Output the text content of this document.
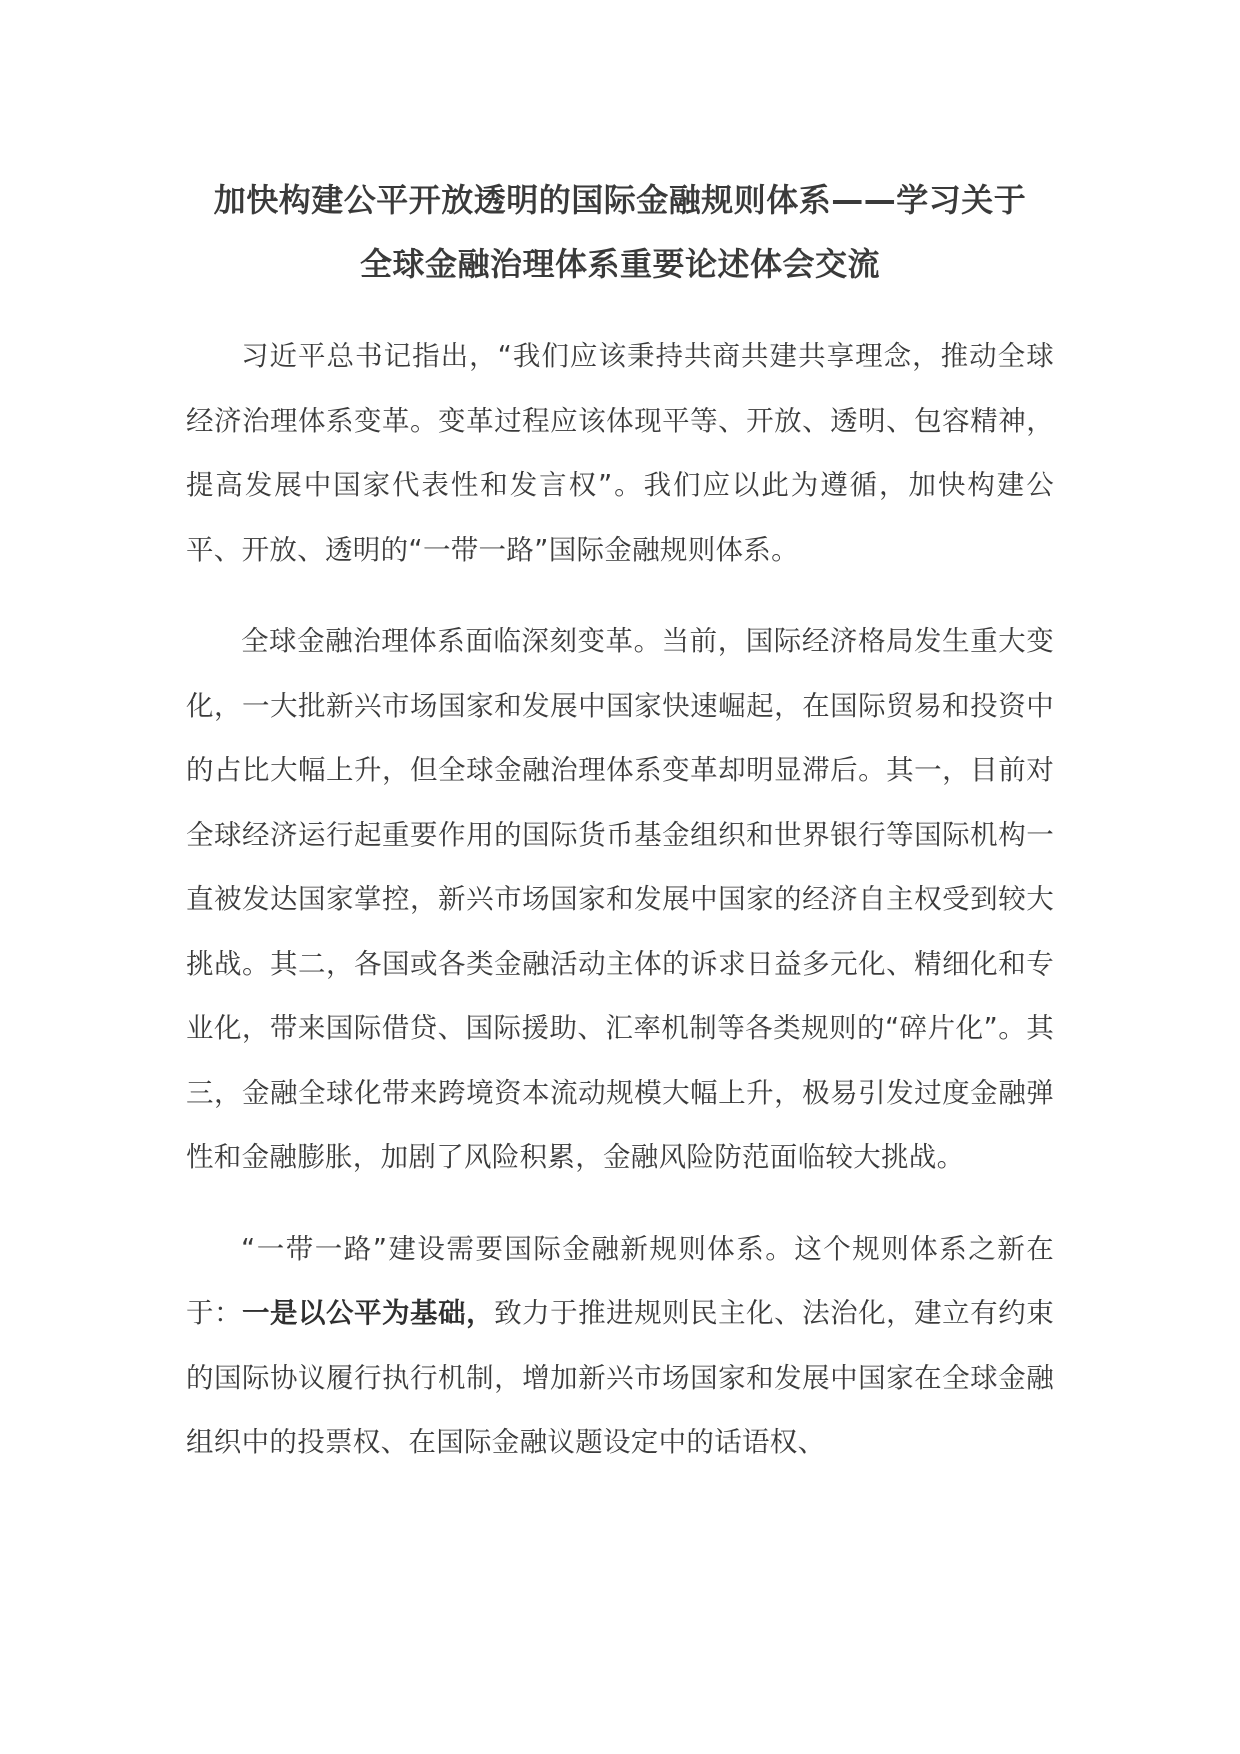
加快构建公平开放透明的国际金融规则体系——学习关于
全球金融治理体系重要论述体会交流

习近平总书记指出，“我们应该秉持共商共建共享理念，推动全球经济治理体系变革。变革过程应该体现平等、开放、透明、包容精神，提高发展中国家代表性和发言权”。我们应以此为遵循，加快构建公平、开放、透明的“一带一路”国际金融规则体系。

全球金融治理体系面临深刻变革。当前，国际经济格局发生重大变化，一大批新兴市场国家和发展中国家快速崛起，在国际贸易和投资中的占比大幅上升，但全球金融治理体系变革却明显滞后。其一，目前对全球经济运行起重要作用的国际货币基金组织和世界银行等国际机构一直被发达国家掌控，新兴市场国家和发展中国家的经济自主权受到较大挑战。其二，各国或各类金融活动主体的诉求日益多元化、精细化和专业化，带来国际借贷、国际援助、汇率机制等各类规则的“碎片化”。其三，金融全球化带来跨境资本流动规模大幅上升，极易引发过度金融弹性和金融膨胀，加剧了风险积累，金融风险防范面临较大挑战。

“一带一路”建设需要国际金融新规则体系。这个规则体系之新在于：一是以公平为基础，致力于推进规则民主化、法治化，建立有约束的国际协议履行执行机制，增加新兴市场国家和发展中国家在全球金融组织中的投票权、在国际金融议题设定中的话语权、
